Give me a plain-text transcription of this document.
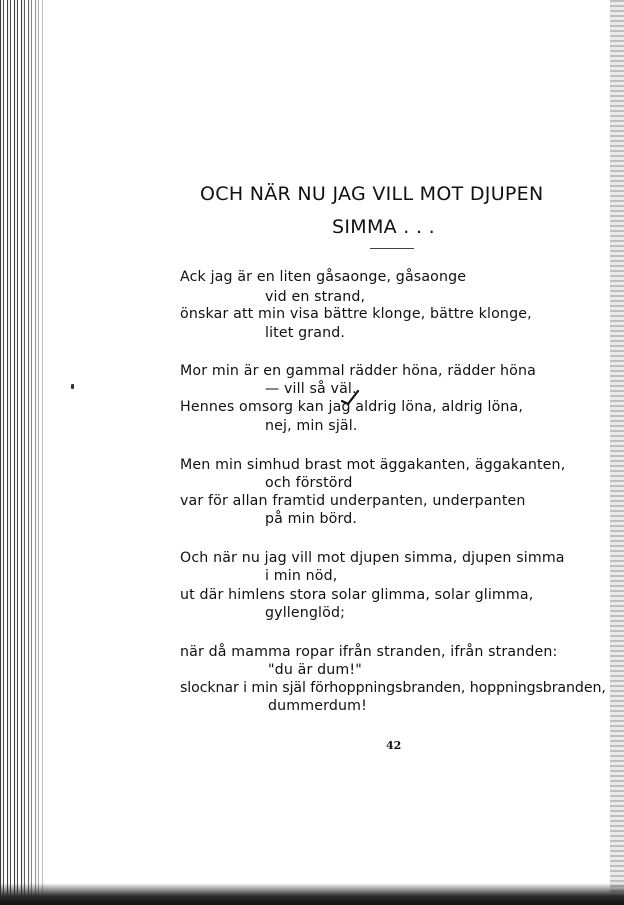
OCH NÄR NU JAG VILL MOT DJUPEN
SIMMA . . .

Ack jag är en liten gåsaonge, gåsaonge

vid en strand,

önskar att min visa bättre klonge, bättre klonge,

litet grand.

Mor min är en gammal rädder höna, rädder höna

— vill så väl.

Hennes omsorg kan jag aldrig löna, aldrig löna,

nej, min själ.

Men min simhud brast mot äggakanten, äggakanten,

och förstörd

var för allan framtid underpanten, underpanten

på min börd.

Och när nu jag vill mot djupen simma, djupen simma

i min nöd,

ut där himlens stora solar glimma, solar glimma,

gyllenglöd;

när då mamma ropar ifrån stranden, ifrån stranden:

"du är dum!"

slocknar i min själ förhoppningsbranden, hoppningsbranden,

dummerdum!

42
